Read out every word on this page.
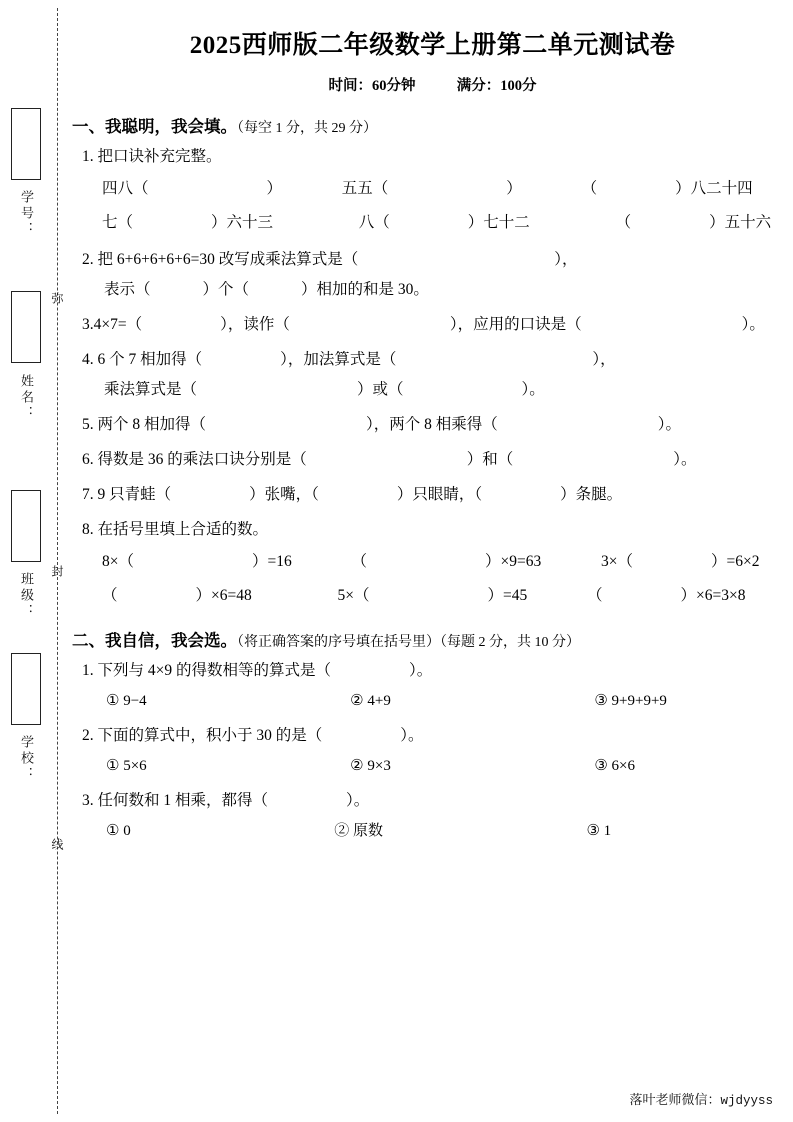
学号：
姓名：
班级：
学校：
弥
封
线
2025西师版二年级数学上册第二单元测试卷
时间：60分钟	满分：100分
一、我聪明，我会填。（每空 1 分，共 29 分）
1. 把口诀补充完整。
四八（	）	五五（	）	（	）八二十四
七（	）六十三	八（	）七十二	（	）五十六
2. 把 6+6+6+6+6=30 改写成乘法算式是（	），
表示（	）个（	）相加的和是 30。
3.4×7=（	），读作（	），应用的口诀是（	）。
4. 6 个 7 相加得（	），加法算式是（	），
乘法算式是（	）或（	）。
5. 两个 8 相加得（	），两个 8 相乘得（	）。
6. 得数是 36 的乘法口诀分别是（	）和（	）。
7. 9 只青蛙（	）张嘴，（	）只眼睛，（	）条腿。
8. 在括号里填上合适的数。
8×（	）=16	（	）×9=63	3×（	）=6×2
（	）×6=48	5×（	）=45	（	）×6=3×8
二、我自信，我会选。（将正确答案的序号填在括号里）（每题 2 分，共 10 分）
1. 下列与 4×9 的得数相等的算式是（	）。
① 9−4	② 4+9	③ 9+9+9+9
2. 下面的算式中，积小于 30 的是（	）。
① 5×6	② 9×3	③ 6×6
3. 任何数和 1 相乘，都得（	）。
① 0	② 原数	③ 1
落叶老师微信：wjdyyss
